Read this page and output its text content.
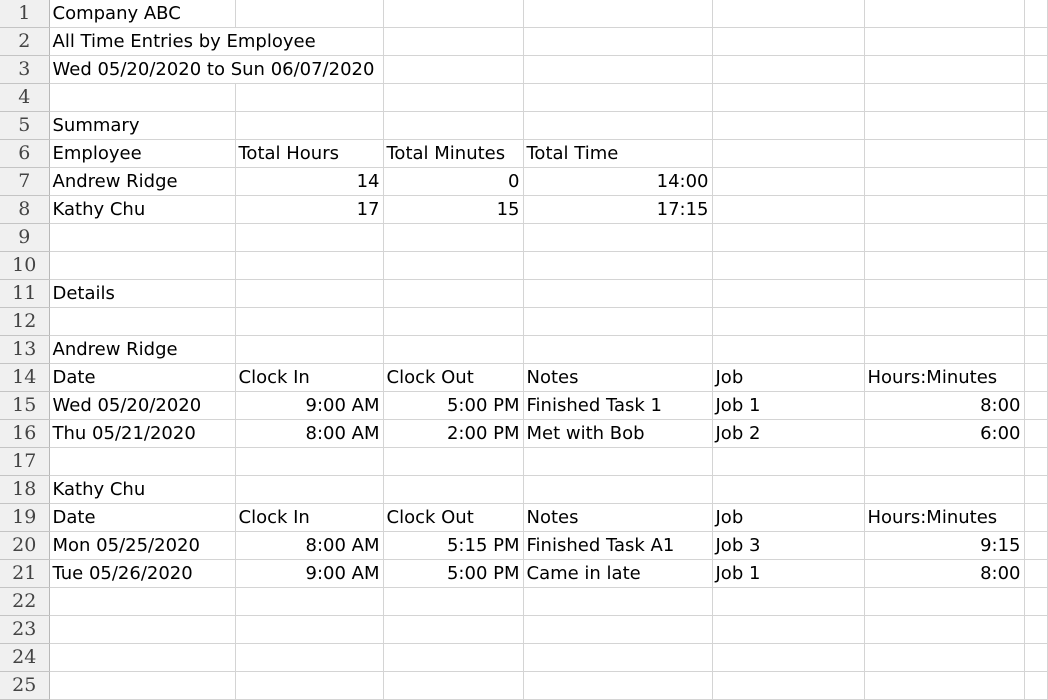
1	Company ABC						
2	All Time Entries by Employee						
3	Wed 05/20/2020 to Sun 06/07/2020						
4							
5	Summary						
6	Employee	Total Hours	Total Minutes	Total Time			
7	Andrew Ridge	14	0	14:00			
8	Kathy Chu	17	15	17:15			
9							
10							
11	Details						
12							
13	Andrew Ridge						
14	Date	Clock In	Clock Out	Notes	Job	Hours:Minutes	
15	Wed 05/20/2020	9:00 AM	5:00 PM	Finished Task 1	Job 1	8:00	
16	Thu 05/21/2020	8:00 AM	2:00 PM	Met with Bob	Job 2	6:00	
17							
18	Kathy Chu						
19	Date	Clock In	Clock Out	Notes	Job	Hours:Minutes	
20	Mon 05/25/2020	8:00 AM	5:15 PM	Finished Task A1	Job 3	9:15	
21	Tue 05/26/2020	9:00 AM	5:00 PM	Came in late	Job 1	8:00	
22							
23							
24							
25							
